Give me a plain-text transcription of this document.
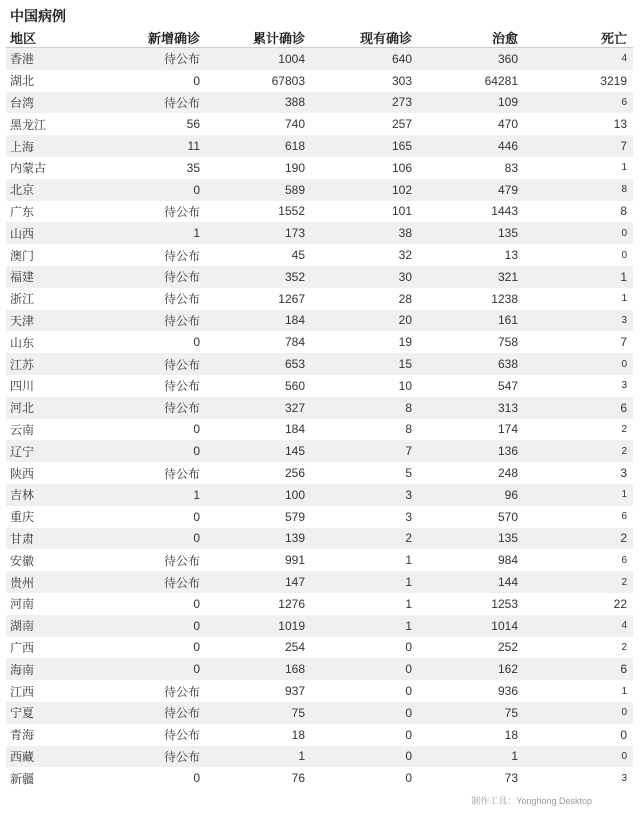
中国病例
地区	新增确诊	累计确诊	现有确诊	治愈	死亡
香港	待公布	1004	640	360	4
湖北	0	67803	303	64281	3219
台湾	待公布	388	273	109	6
黑龙江	56	740	257	470	13
上海	11	618	165	446	7
内蒙古	35	190	106	83	1
北京	0	589	102	479	8
广东	待公布	1552	101	1443	8
山西	1	173	38	135	0
澳门	待公布	45	32	13	0
福建	待公布	352	30	321	1
浙江	待公布	1267	28	1238	1
天津	待公布	184	20	161	3
山东	0	784	19	758	7
江苏	待公布	653	15	638	0
四川	待公布	560	10	547	3
河北	待公布	327	8	313	6
云南	0	184	8	174	2
辽宁	0	145	7	136	2
陕西	待公布	256	5	248	3
吉林	1	100	3	96	1
重庆	0	579	3	570	6
甘肃	0	139	2	135	2
安徽	待公布	991	1	984	6
贵州	待公布	147	1	144	2
河南	0	1276	1	1253	22
湖南	0	1019	1	1014	4
广西	0	254	0	252	2
海南	0	168	0	162	6
江西	待公布	937	0	936	1
宁夏	待公布	75	0	75	0
青海	待公布	18	0	18	0
西藏	待公布	1	0	1	0
新疆	0	76	0	73	3
制作工具：Yonghong Desktop
